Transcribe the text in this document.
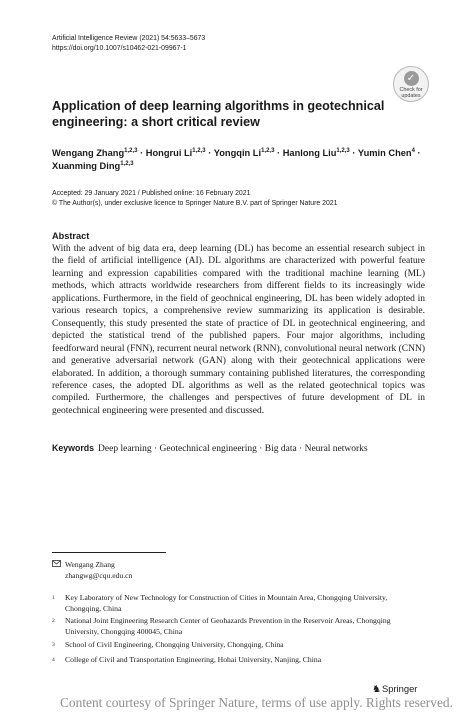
Artificial Intelligence Review (2021) 54:5633–5673
https://doi.org/10.1007/s10462-021-09967-1
✓
Check for
updates
Application of deep learning algorithms in geotechnical engineering: a short critical review
Wengang Zhang$^{1,2,3}$ · Hongrui Li$^{1,2,3}$ · Yongqin Li$^{1,2,3}$ · Hanlong Liu$^{1,2,3}$ · Yumin Chen$^4$ ·
Xuanming Ding$^{1,2,3}$
Accepted: 29 January 2021 / Published online: 16 February 2021
© The Author(s), under exclusive licence to Springer Nature B.V. part of Springer Nature 2021
Abstract
With the advent of big data era, deep learning (DL) has become an essential research subject in the field of artificial intelligence (AI). DL algorithms are characterized with powerful feature learning and expression capabilities compared with the traditional machine learning (ML) methods, which attracts worldwide researchers from different fields to its increasingly wide applications. Furthermore, in the field of geochnical engineering, DL has been widely adopted in various research topics, a comprehensive review summarizing its application is desirable. Consequently, this study presented the state of practice of DL in geotechnical engineering, and depicted the statistical trend of the published papers. Four major algorithms, including feedforward neural (FNN), recurrent neural network (RNN), convolutional neural network (CNN) and generative adversarial network (GAN) along with their geotechnical applications were elaborated. In addition, a thorough summary containing published literatures, the corresponding reference cases, the adopted DL algorithms as well as the related geotechnical topics was compiled. Furthermore, the challenges and perspectives of future development of DL in geotechnical engineering were presented and discussed.
Keywords Deep learning · Geotechnical engineering · Big data · Neural networks
Wengang Zhang
zhangwg@cqu.edu.cn
1 Key Laboratory of New Technology for Construction of Cities in Mountain Area, Chongqing University, Chongqing, China
2 National Joint Engineering Research Center of Geohazards Prevention in the Reservoir Areas, Chongqing University, Chongqing 400045, China
3 School of Civil Engineering, Chongqing University, Chongqing, China
4 College of Civil and Transportation Engineering, Hohai University, Nanjing, China
♞Springer
Content courtesy of Springer Nature, terms of use apply. Rights reserved.
